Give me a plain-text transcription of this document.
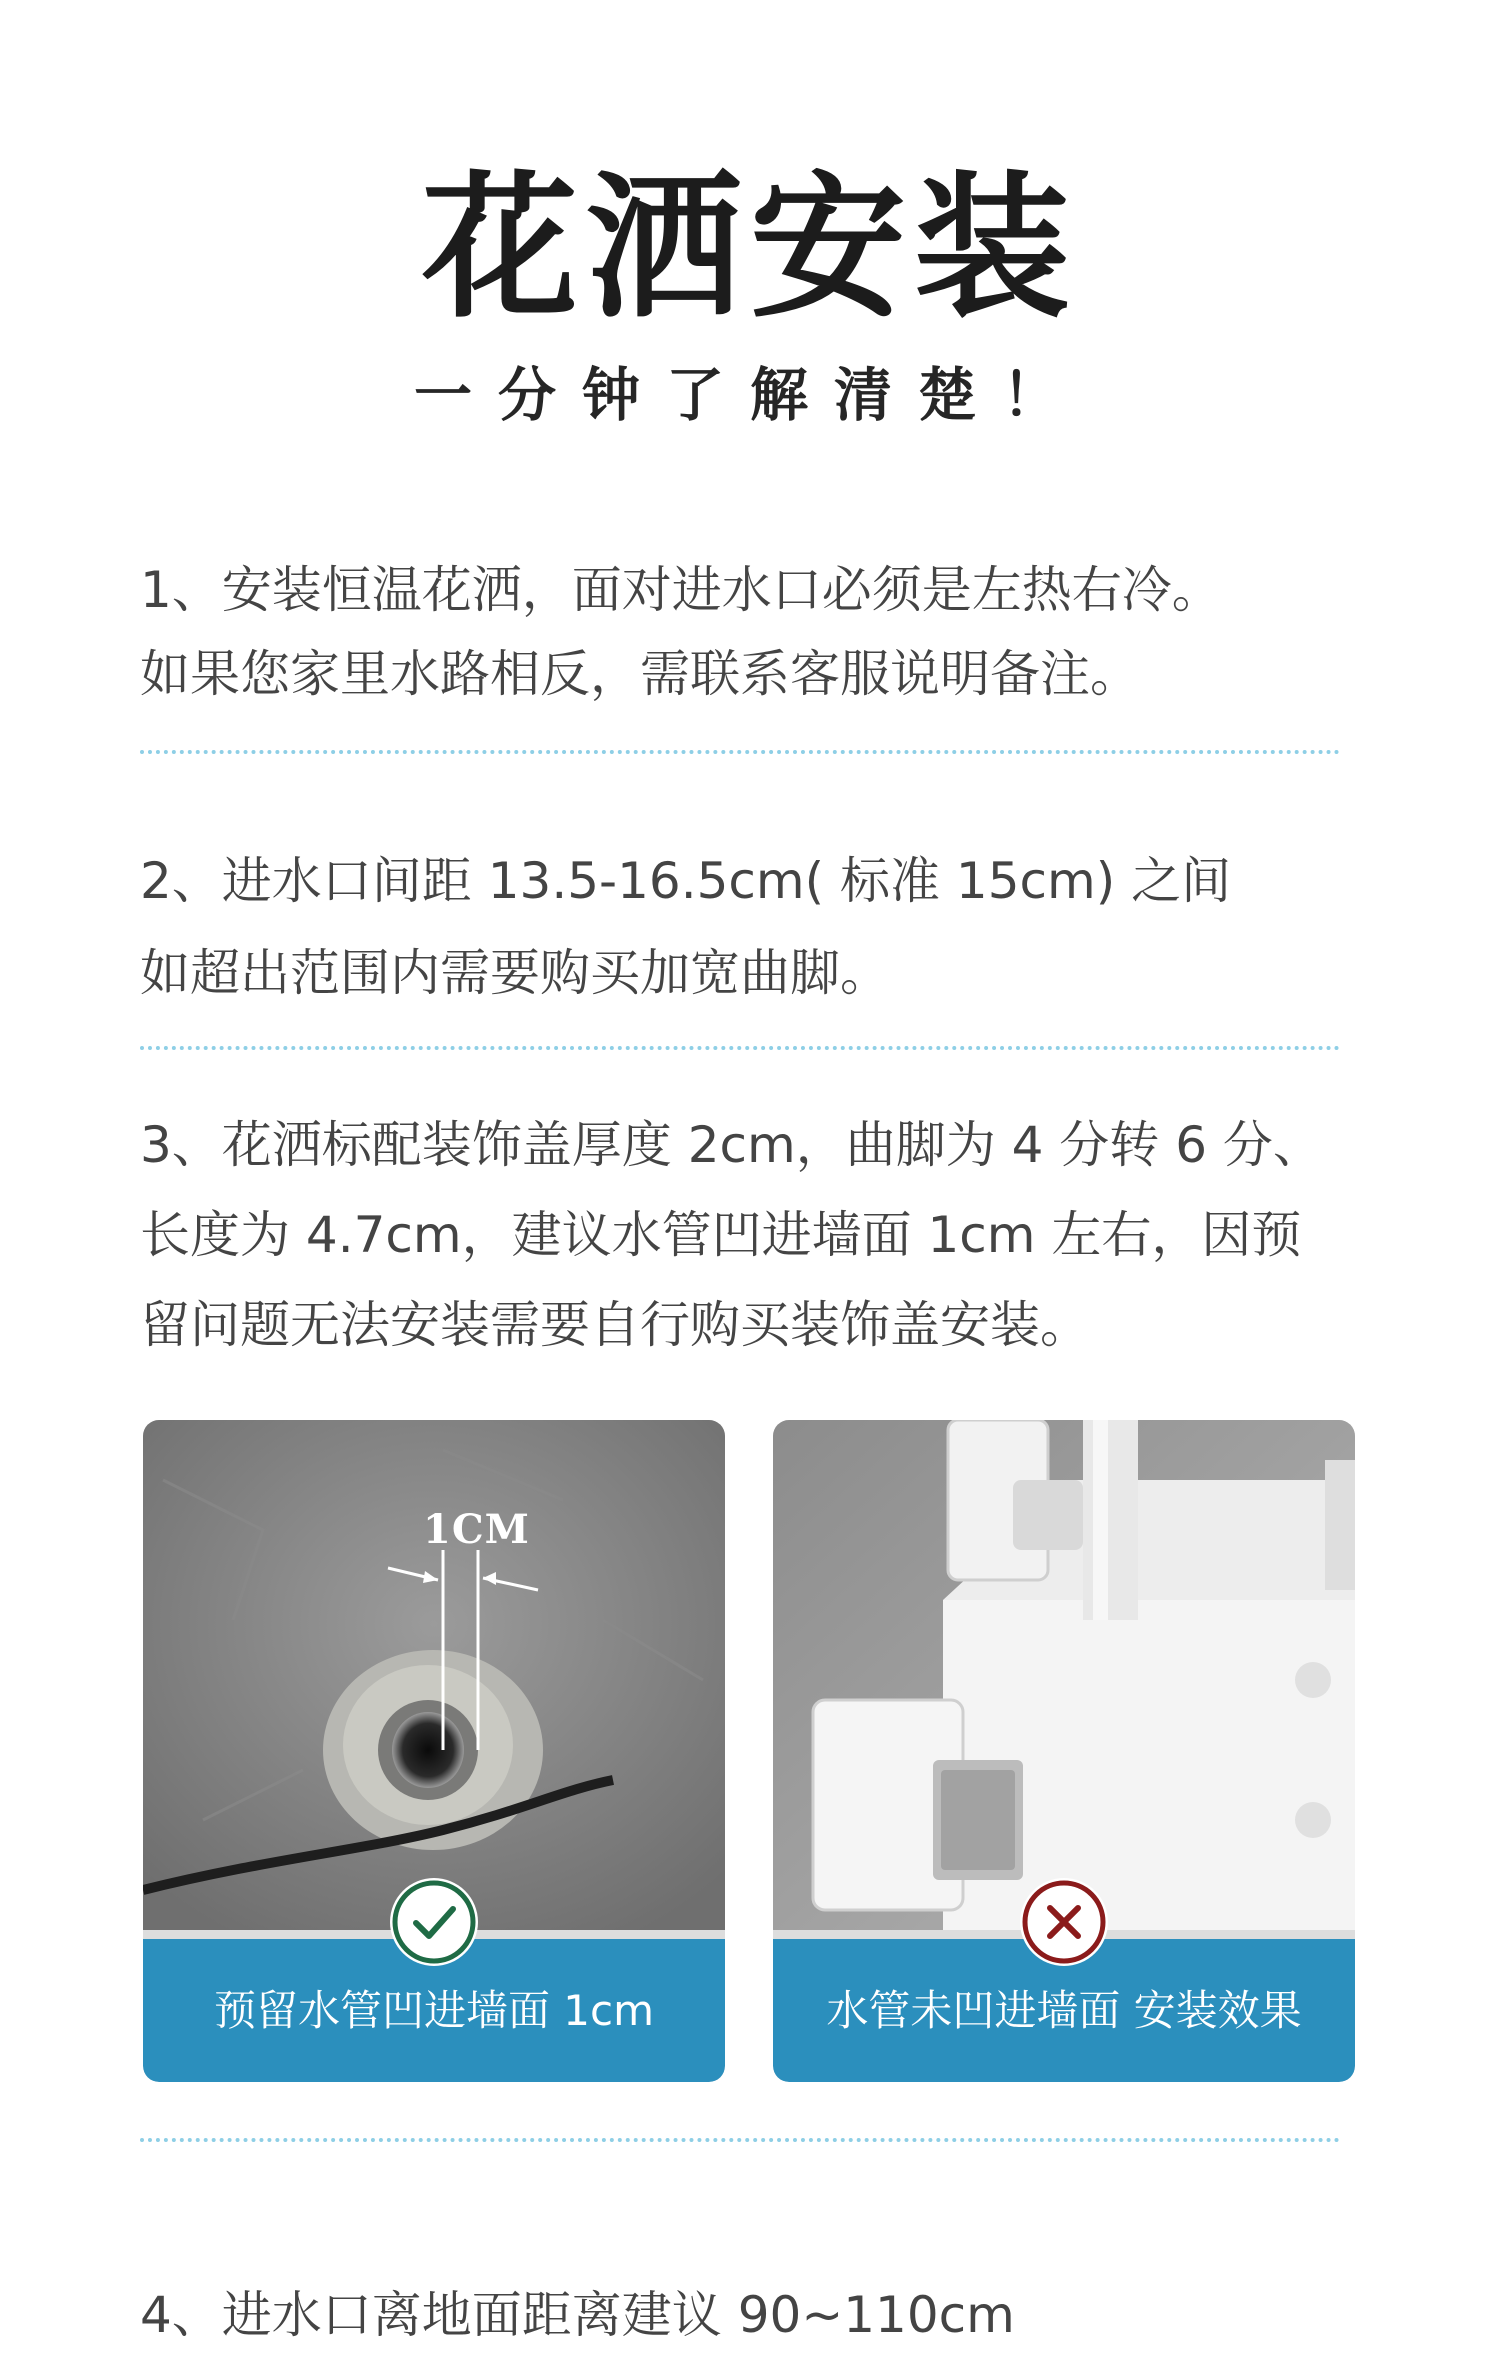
花洒安装
一分钟了解清楚！

1、安装恒温花洒，面对进水口必须是左热右冷。

如果您家里水路相反，需联系客服说明备注。

2、进水口间距 13.5-16.5cm( 标准 15cm) 之间

如超出范围内需要购买加宽曲脚。

3、花洒标配装饰盖厚度 2cm，曲脚为 4 分转 6 分、

长度为 4.7cm，建议水管凹进墙面 1cm 左右，因预

留问题无法安装需要自行购买装饰盖安装。

1CM
预留水管凹进墙面 1cm	水管未凹进墙面 安装效果

4、进水口离地面距离建议 90~110cm
